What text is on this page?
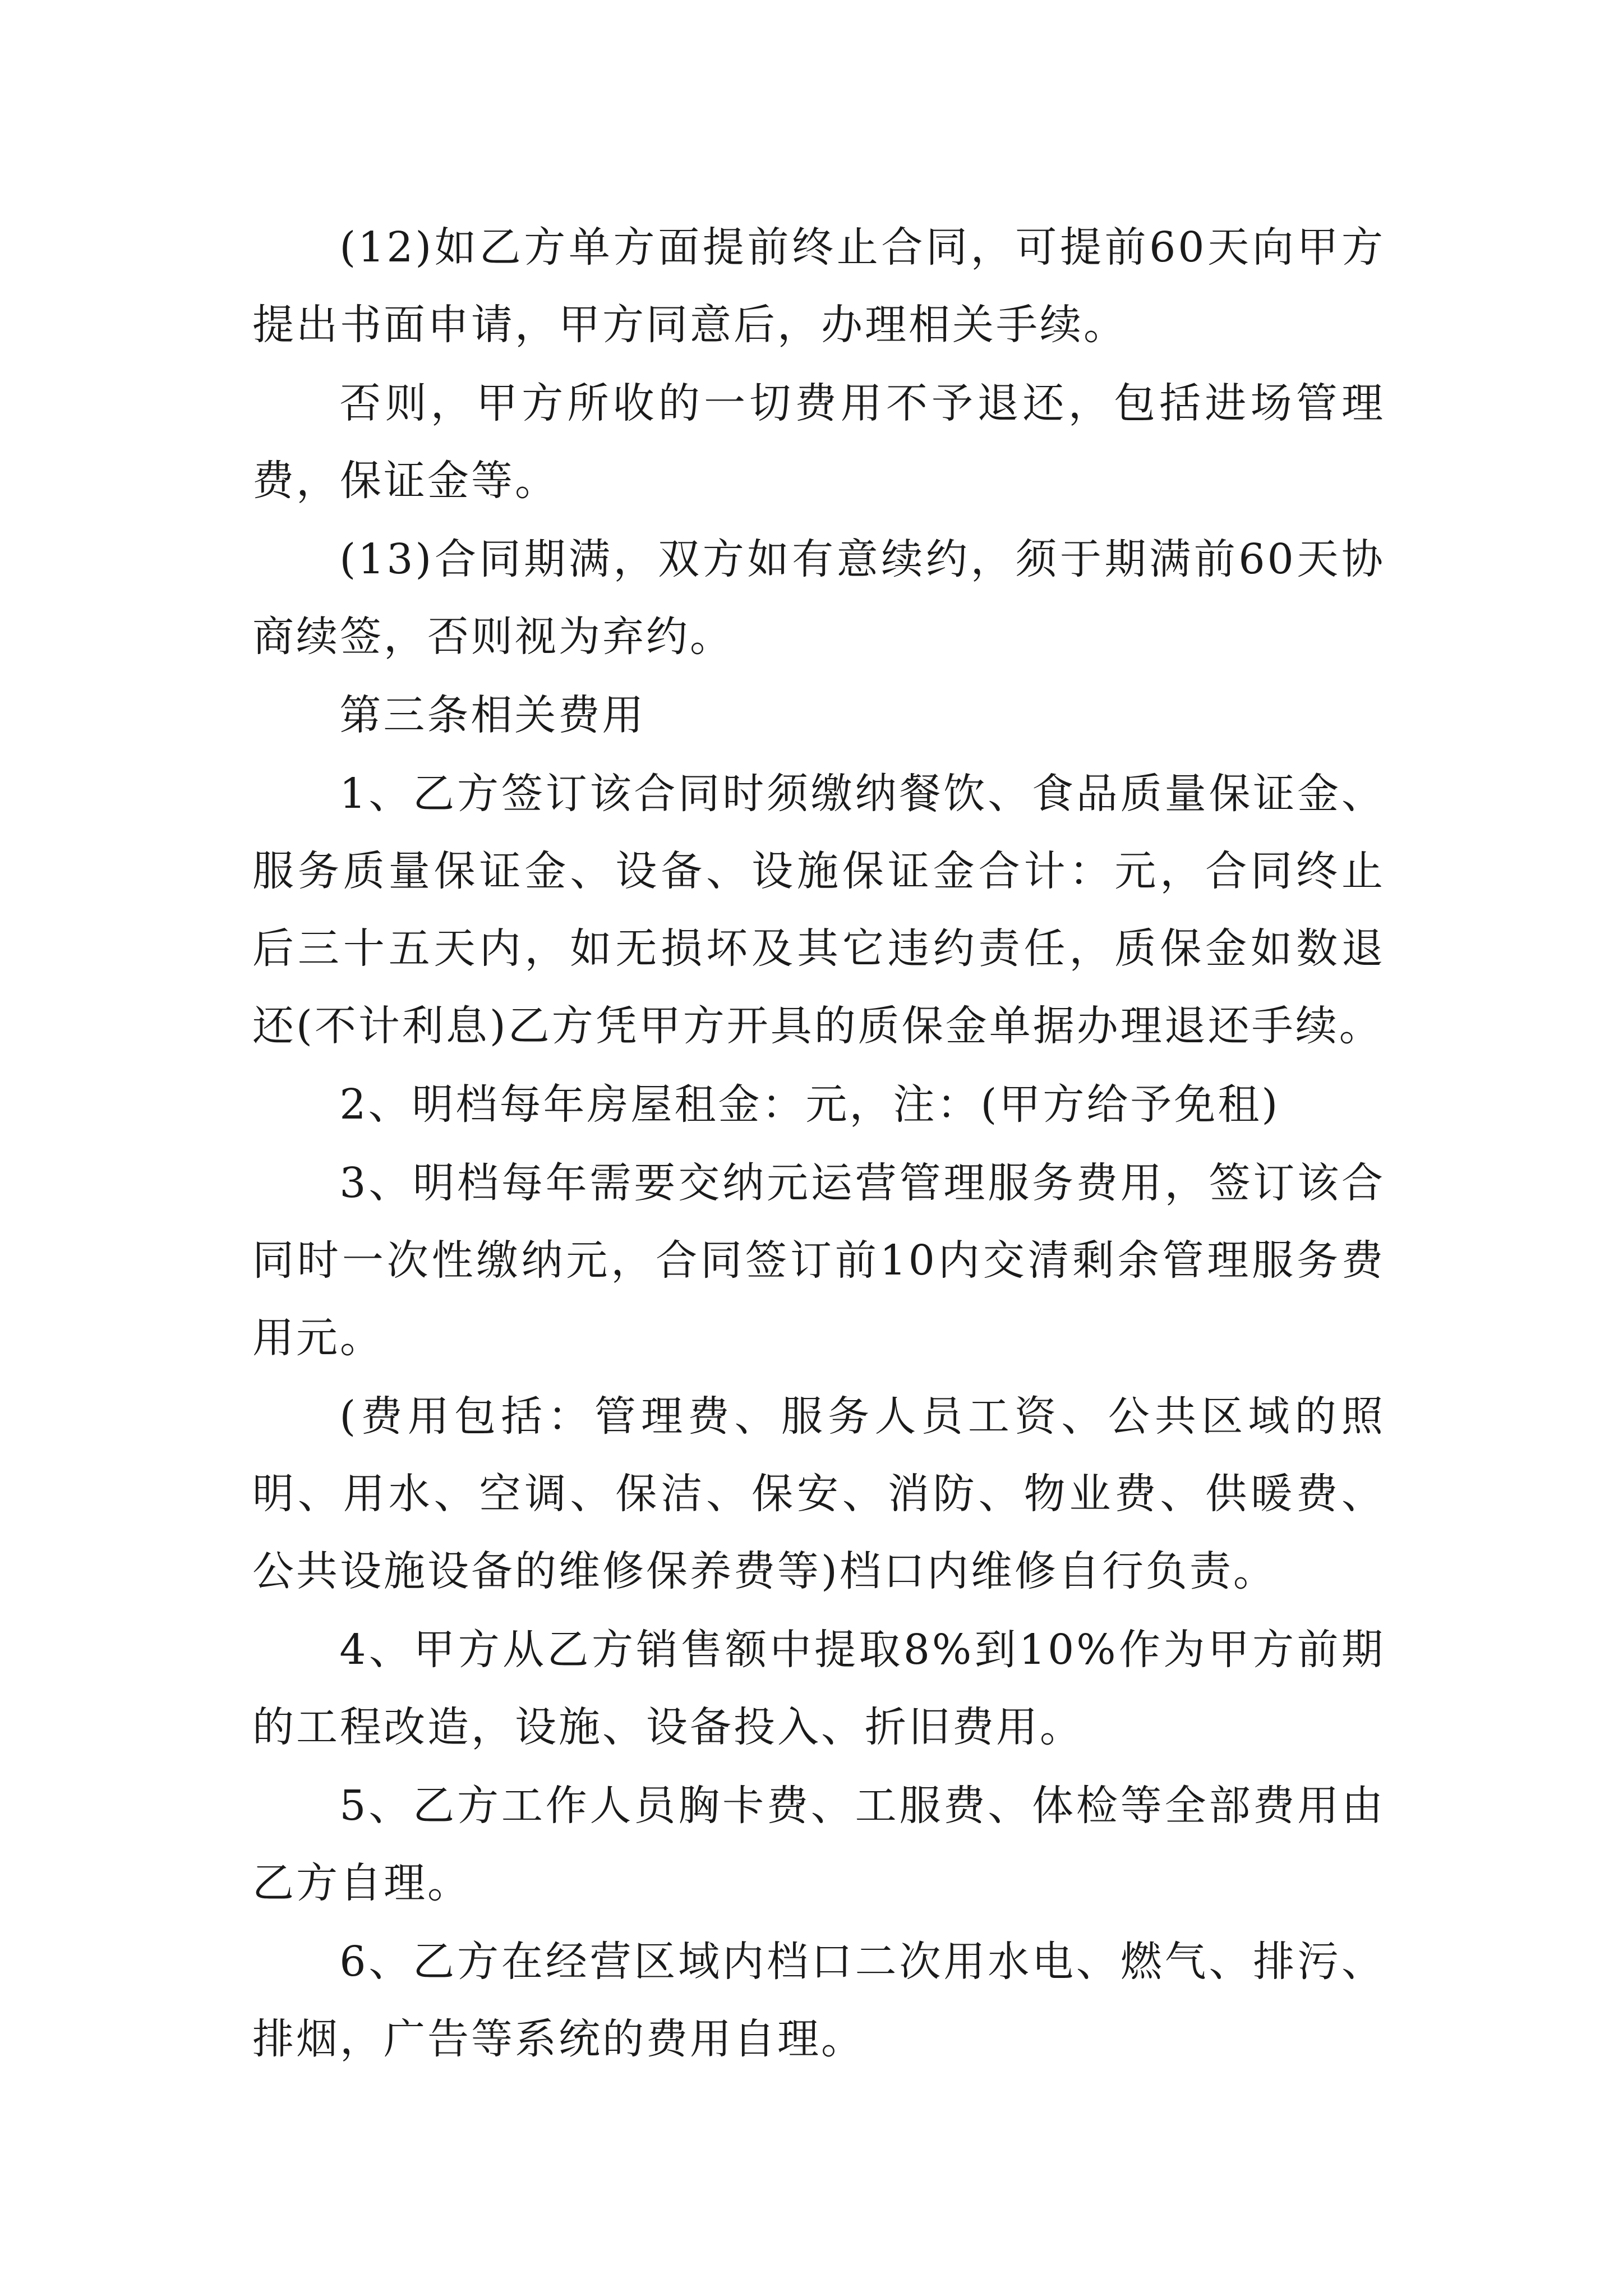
(12)如乙方单方面提前终止合同，可提前60天向甲方提出书面申请，甲方同意后，办理相关手续。

否则，甲方所收的一切费用不予退还，包括进场管理费，保证金等。

(13)合同期满，双方如有意续约，须于期满前60天协商续签，否则视为弃约。

第三条相关费用

1、乙方签订该合同时须缴纳餐饮、食品质量保证金、服务质量保证金、设备、设施保证金合计：元，合同终止后三十五天内，如无损坏及其它违约责任，质保金如数退还(不计利息)乙方凭甲方开具的质保金单据办理退还手续。

2、明档每年房屋租金：元，注：(甲方给予免租)

3、明档每年需要交纳元运营管理服务费用，签订该合同时一次性缴纳元，合同签订前10内交清剩余管理服务费用元。

(费用包括：管理费、服务人员工资、公共区域的照明、用水、空调、保洁、保安、消防、物业费、供暖费、公共设施设备的维修保养费等)档口内维修自行负责。

4、甲方从乙方销售额中提取8%到10%作为甲方前期的工程改造，设施、设备投入、折旧费用。

5、乙方工作人员胸卡费、工服费、体检等全部费用由乙方自理。

6、乙方在经营区域内档口二次用水电、燃气、排污、排烟，广告等系统的费用自理。
